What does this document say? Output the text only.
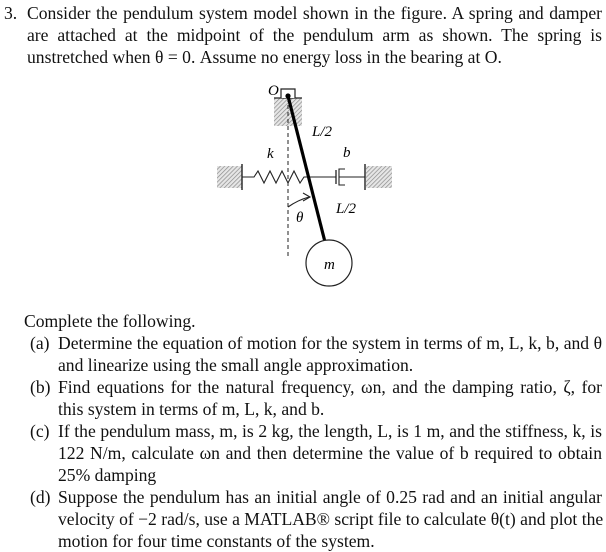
3. Consider the pendulum system model shown in the figure. A spring and damper
are attached at the midpoint of the pendulum arm as shown. The spring is
unstretched when θ = 0. Assume no energy loss in the bearing at O.
O
L/2
k	b
L/2
θ
m
Complete the following.
(a) Determine the equation of motion for the system in terms of m, L, k, b, and θ
and linearize using the small angle approximation.
(b) Find equations for the natural frequency, ωn, and the damping ratio, ζ, for
this system in terms of m, L, k, and b.
(c) If the pendulum mass, m, is 2 kg, the length, L, is 1 m, and the stiffness, k, is
122 N/m, calculate ωn and then determine the value of b required to obtain
25% damping
(d) Suppose the pendulum has an initial angle of 0.25 rad and an initial angular
velocity of −2 rad/s, use a MATLAB® script file to calculate θ(t) and plot the
motion for four time constants of the system.
